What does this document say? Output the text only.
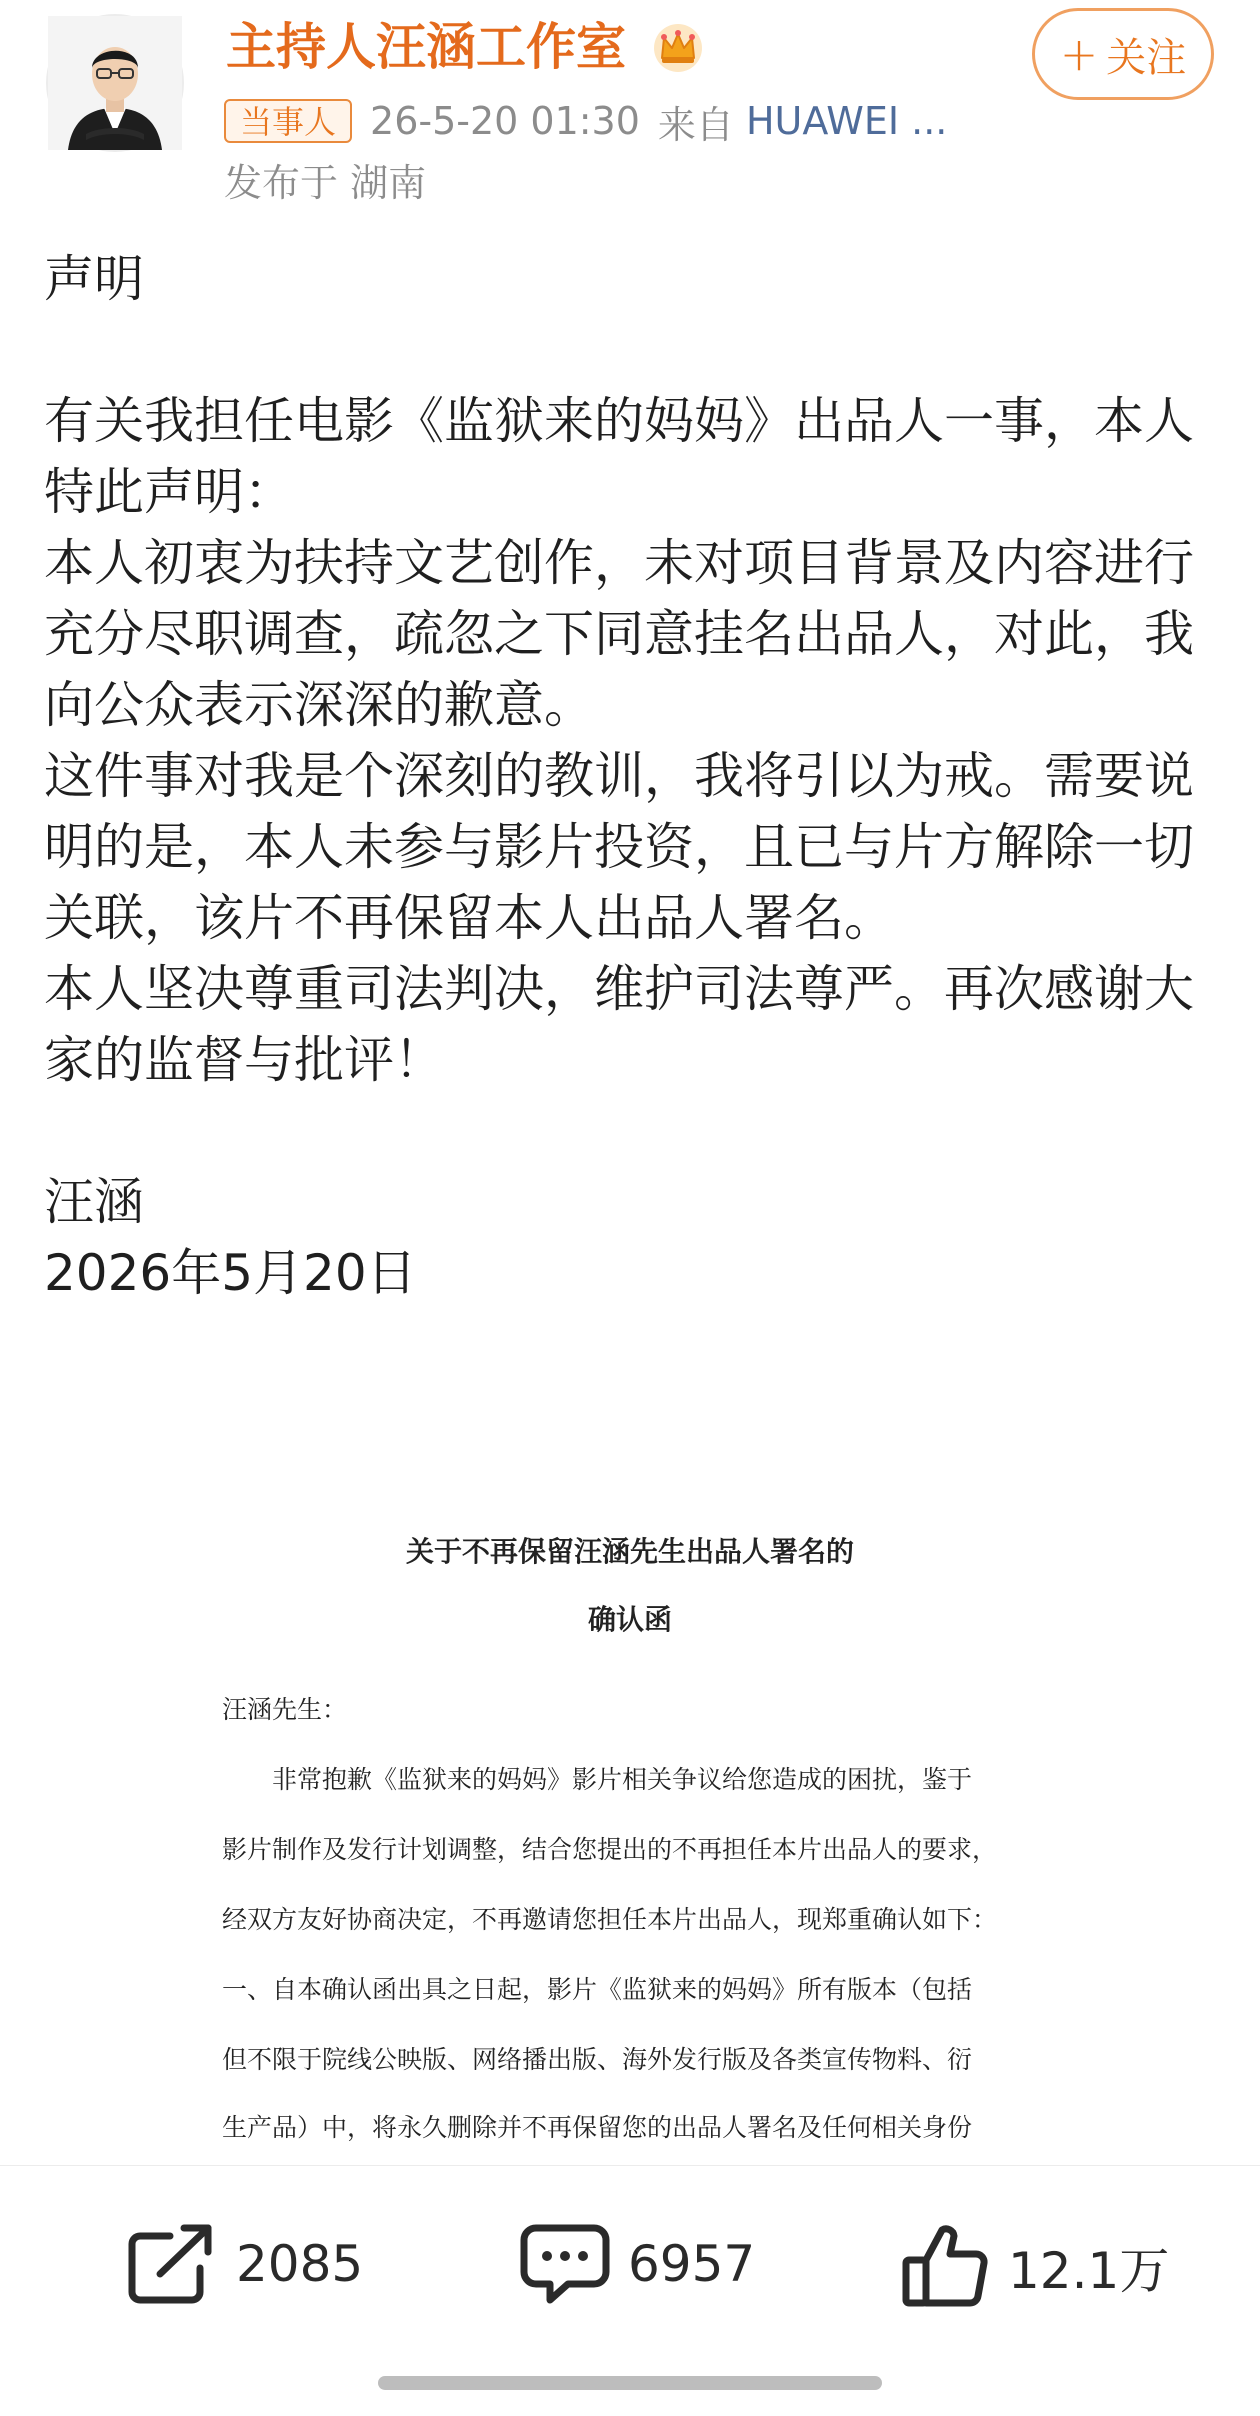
主持人汪涵工作室	+ 关注
当事人 26-5-20 01:30 来自 HUAWEI ...
发布于 湖南

声明

有关我担任电影《监狱来的妈妈》出品人一事，本人特此声明：

本人初衷为扶持文艺创作，未对项目背景及内容进行充分尽职调查，疏忽之下同意挂名出品人，对此，我向公众表示深深的歉意。

这件事对我是个深刻的教训，我将引以为戒。需要说明的是，本人未参与影片投资，且已与片方解除一切关联，该片不再保留本人出品人署名。

本人坚决尊重司法判决，维护司法尊严。再次感谢大家的监督与批评！

汪涵

2026年5月20日

关于不再保留汪涵先生出品人署名的
确认函
汪涵先生：
　　非常抱歉《监狱来的妈妈》影片相关争议给您造成的困扰，鉴于
影片制作及发行计划调整，结合您提出的不再担任本片出品人的要求，
经双方友好协商决定，不再邀请您担任本片出品人，现郑重确认如下：
一、自本确认函出具之日起，影片《监狱来的妈妈》所有版本（包括
但不限于院线公映版、网络播出版、海外发行版及各类宣传物料、衍
生产品）中，将永久删除并不再保留您的出品人署名及任何相关身份
2085	6957	12.1万
